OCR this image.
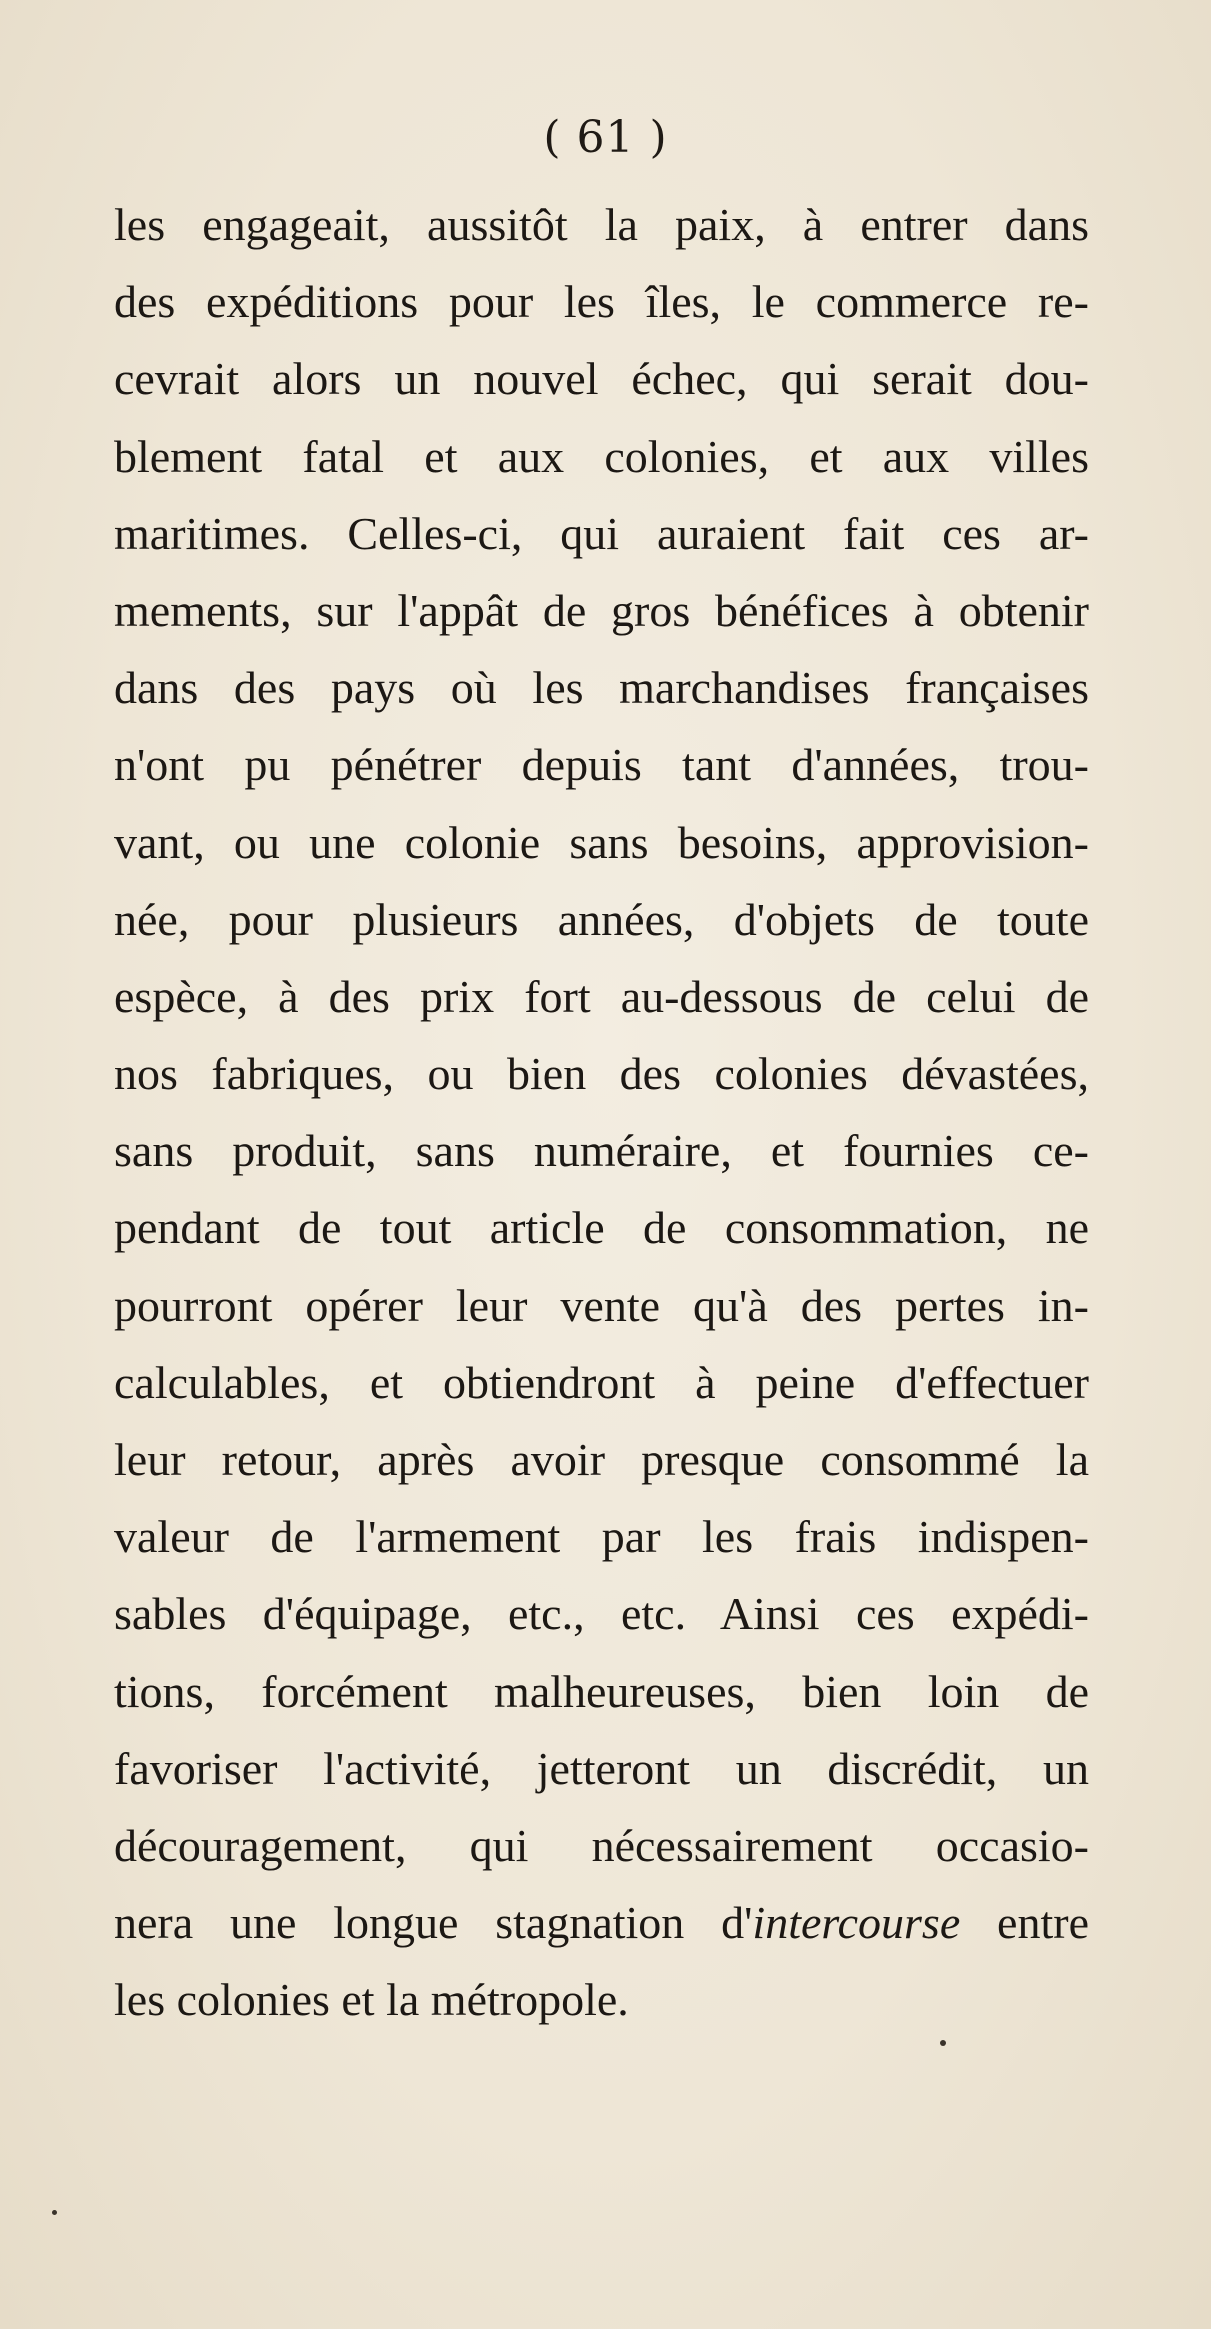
( 61 )
les engageait, aussitôt la paix, à entrer dans
des expéditions pour les îles, le commerce re-
cevrait alors un nouvel échec, qui serait dou-
blement fatal et aux colonies, et aux villes
maritimes. Celles-ci, qui auraient fait ces ar-
mements, sur l'appât de gros bénéfices à obtenir
dans des pays où les marchandises françaises
n'ont pu pénétrer depuis tant d'années, trou-
vant, ou une colonie sans besoins, approvision-
née, pour plusieurs années, d'objets de toute
espèce, à des prix fort au-dessous de celui de
nos fabriques, ou bien des colonies dévastées,
sans produit, sans numéraire, et fournies ce-
pendant de tout article de consommation, ne
pourront opérer leur vente qu'à des pertes in-
calculables, et obtiendront à peine d'effectuer
leur retour, après avoir presque consommé la
valeur de l'armement par les frais indispen-
sables d'équipage, etc., etc. Ainsi ces expédi-
tions, forcément malheureuses, bien loin de
favoriser l'activité, jetteront un discrédit, un
découragement, qui nécessairement occasio-
nera une longue stagnation d'intercourse entre
les colonies et la métropole.
